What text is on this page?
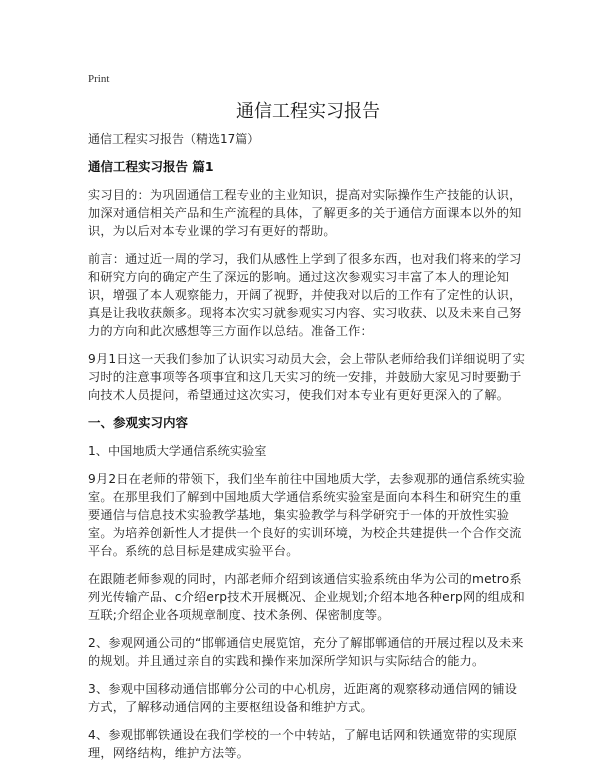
Print
通信工程实习报告
通信工程实习报告（精选17篇）
通信工程实习报告 篇1

实习目的：为巩固通信工程专业的主业知识，提高对实际操作生产技能的认识，加深对通信相关产品和生产流程的具体，了解更多的关于通信方面课本以外的知识，为以后对本专业课的学习有更好的帮助。

前言：通过近一周的学习，我们从感性上学到了很多东西，也对我们将来的学习和研究方向的确定产生了深远的影响。通过这次参观实习丰富了本人的理论知识，增强了本人观察能力，开阔了视野，并使我对以后的工作有了定性的认识，真是让我收获颇多。现将本次实习就参观实习内容、实习收获、以及未来自己努力的方向和此次感想等三方面作以总结。准备工作：

9月1日这一天我们参加了认识实习动员大会，会上带队老师给我们详细说明了实习时的注意事项等各项事宜和这几天实习的统一安排，并鼓励大家见习时要勤于向技术人员提问，希望通过这次实习，使我们对本专业有更好更深入的了解。

一、参观实习内容
1、中国地质大学通信系统实验室

9月2日在老师的带领下，我们坐车前往中国地质大学，去参观那的通信系统实验室。在那里我们了解到中国地质大学通信系统实验室是面向本科生和研究生的重要通信与信息技术实验教学基地，集实验教学与科学研究于一体的开放性实验室。为培养创新性人才提供一个良好的实训环境，为校企共建提供一个合作交流平台。系统的总目标是建成实验平台。

在跟随老师参观的同时，内部老师介绍到该通信实验系统由华为公司的metro系列光传输产品、c介绍erp技术开展概况、企业规划;介绍本地各种erp网的组成和互联;介绍企业各项规章制度、技术条例、保密制度等。

2、参观网通公司的“邯郸通信史展览馆，充分了解邯郸通信的开展过程以及未来的规划。并且通过亲自的实践和操作来加深所学知识与实际结合的能力。

3、参观中国移动通信邯郸分公司的中心机房，近距离的观察移动通信网的铺设方式，了解移动通信网的主要枢纽设备和维护方式。

4、参观邯郸铁通设在我们学校的一个中转站，了解电话网和铁通宽带的实现原理，网络结构，维护方法等。
